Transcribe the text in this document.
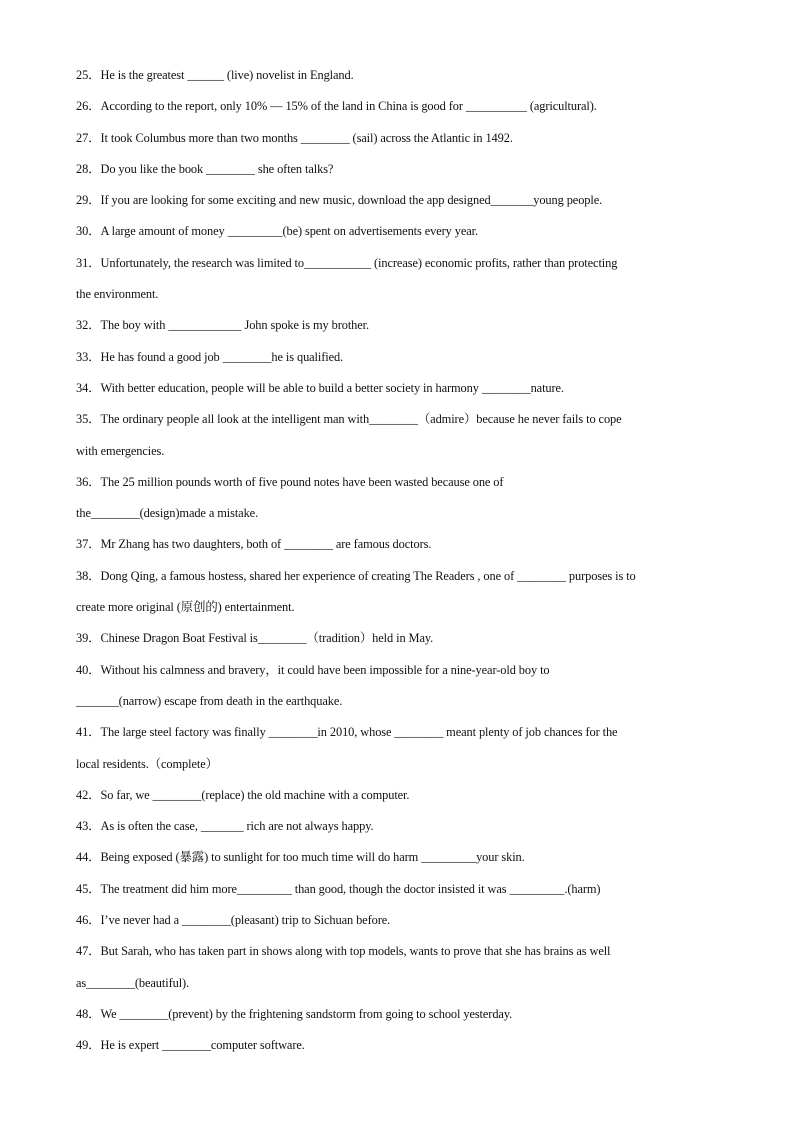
25．He is the greatest ______ (live) novelist in England.
26．According to the report, only 10% — 15% of the land in China is good for __________ (agricultural).
27．It took Columbus more than two months ________ (sail) across the Atlantic in 1492.
28．Do you like the book ________ she often talks?
29．If you are looking for some exciting and new music, download the app designed_______young people.
30．A large amount of money _________(be) spent on advertisements every year.
31．Unfortunately, the research was limited to___________ (increase) economic profits, rather than protecting
the environment.
32．The boy with ____________ John spoke is my brother.
33．He has found a good job ________he is qualified.
34．With better education, people will be able to build a better society in harmony ________nature.
35．The ordinary people all look at the intelligent man with________（admire）because he never fails to cope
with emergencies.
36．The 25 million pounds worth of five pound notes have been wasted because one of
the________(design)made a mistake.
37．Mr Zhang has two daughters, both of ________ are famous doctors.
38．Dong Qing, a famous hostess, shared her experience of creating The Readers , one of ________ purposes is to
create more original (原创的) entertainment.
39．Chinese Dragon Boat Festival is________（tradition）held in May.
40．Without his calmness and bravery，it could have been impossible for a nine-year-old boy to
_______(narrow) escape from death in the earthquake.
41．The large steel factory was finally ________in 2010, whose ________ meant plenty of job chances for the
local residents.（complete）
42．So far, we ________(replace) the old machine with a computer.
43．As is often the case, _______ rich are not always happy.
44．Being exposed (暴露) to sunlight for too much time will do harm _________your skin.
45．The treatment did him more_________ than good, though the doctor insisted it was _________.(harm)
46．I’ve never had a ________(pleasant) trip to Sichuan before.
47．But Sarah, who has taken part in shows along with top models, wants to prove that she has brains as well
as________(beautiful).
48．We ________(prevent) by the frightening sandstorm from going to school yesterday.
49．He is expert ________computer software.
